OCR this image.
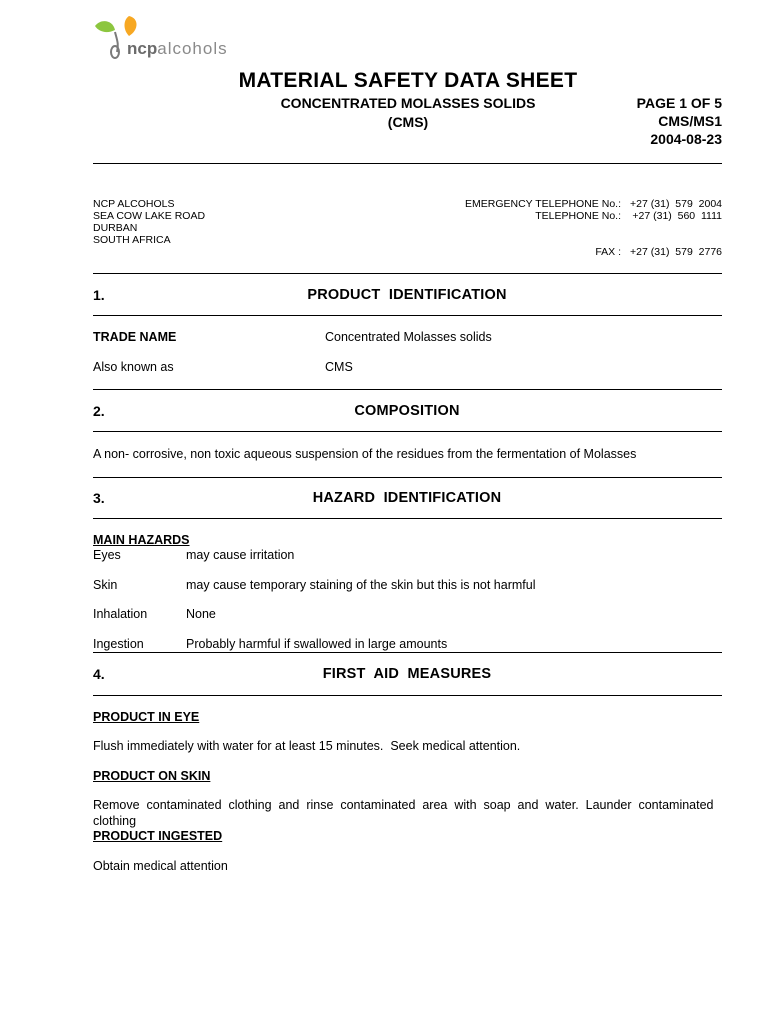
ncpalcohols
MATERIAL SAFETY DATA SHEET
CONCENTRATED MOLASSES SOLIDS
(CMS)
PAGE 1 OF 5
CMS/MS1
2004-08-23
NCP ALCOHOLS
SEA COW LAKE ROAD
DURBAN
SOUTH AFRICA
EMERGENCY TELEPHONE No.: +27 (31)  579  2004
TELEPHONE No.: +27 (31)  560  1111
FAX : +27 (31)  579  2776
1.	PRODUCT  IDENTIFICATION
TRADE NAME	Concentrated Molasses solids
Also known as	CMS
2.	COMPOSITION
A non- corrosive, non toxic aqueous suspension of the residues from the fermentation of Molasses
3.	HAZARD  IDENTIFICATION
MAIN HAZARDS
Eyes	may cause irritation
Skin	may cause temporary staining of the skin but this is not harmful
Inhalation	None
Ingestion	Probably harmful if swallowed in large amounts
4.	FIRST  AID  MEASURES
PRODUCT IN EYE
Flush immediately with water for at least 15 minutes.  Seek medical attention.
PRODUCT ON SKIN
Remove  contaminated  clothing  and  rinse  contaminated  area  with  soap  and  water.  Launder  contaminated
clothing
PRODUCT INGESTED
Obtain medical attention
